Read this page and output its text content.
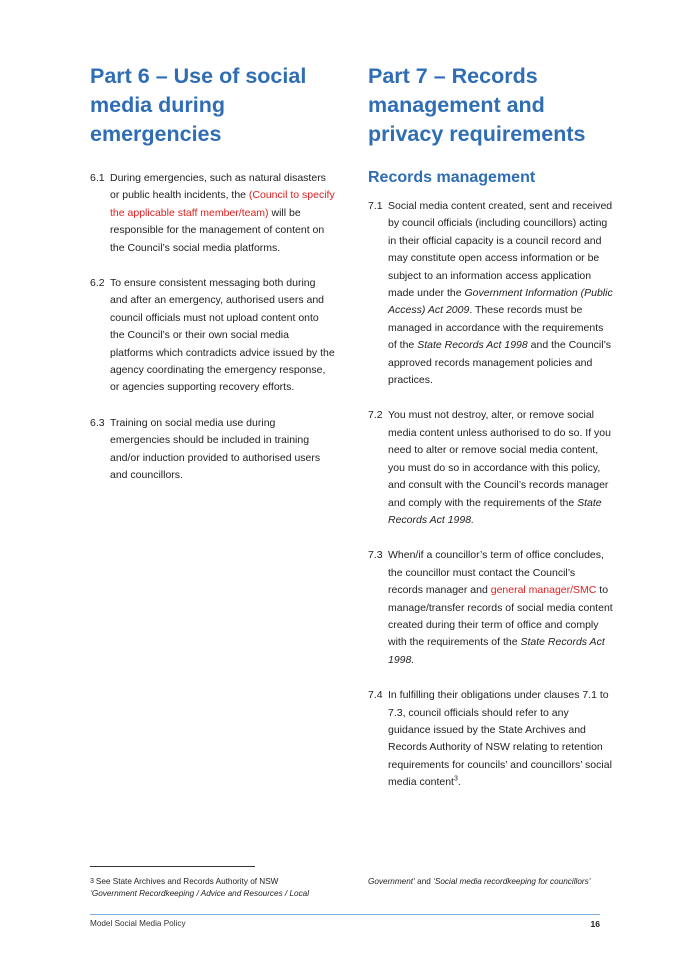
Part 6 – Use of social media during emergencies
6.1 During emergencies, such as natural disasters or public health incidents, the (Council to specify the applicable staff member/team) will be responsible for the management of content on the Council’s social media platforms.
6.2 To ensure consistent messaging both during and after an emergency, authorised users and council officials must not upload content onto the Council’s or their own social media platforms which contradicts advice issued by the agency coordinating the emergency response, or agencies supporting recovery efforts.
6.3 Training on social media use during emergencies should be included in training and/or induction provided to authorised users and councillors.
Part 7 – Records management and privacy requirements
Records management
7.1 Social media content created, sent and received by council officials (including councillors) acting in their official capacity is a council record and may constitute open access information or be subject to an information access application made under the Government Information (Public Access) Act 2009. These records must be managed in accordance with the requirements of the State Records Act 1998 and the Council’s approved records management policies and practices.
7.2 You must not destroy, alter, or remove social media content unless authorised to do so. If you need to alter or remove social media content, you must do so in accordance with this policy, and consult with the Council’s records manager and comply with the requirements of the State Records Act 1998.
7.3 When/if a councillor’s term of office concludes, the councillor must contact the Council’s records manager and general manager/SMC to manage/transfer records of social media content created during their term of office and comply with the requirements of the State Records Act 1998.
7.4 In fulfilling their obligations under clauses 7.1 to 7.3, council officials should refer to any guidance issued by the State Archives and Records Authority of NSW relating to retention requirements for councils’ and councillors’ social media content$^3$.
3 See State Archives and Records Authority of NSW
‘Government Recordkeeping / Advice and Resources / Local
Government’ and ‘Social media recordkeeping for councillors’
Model Social Media Policy	16
